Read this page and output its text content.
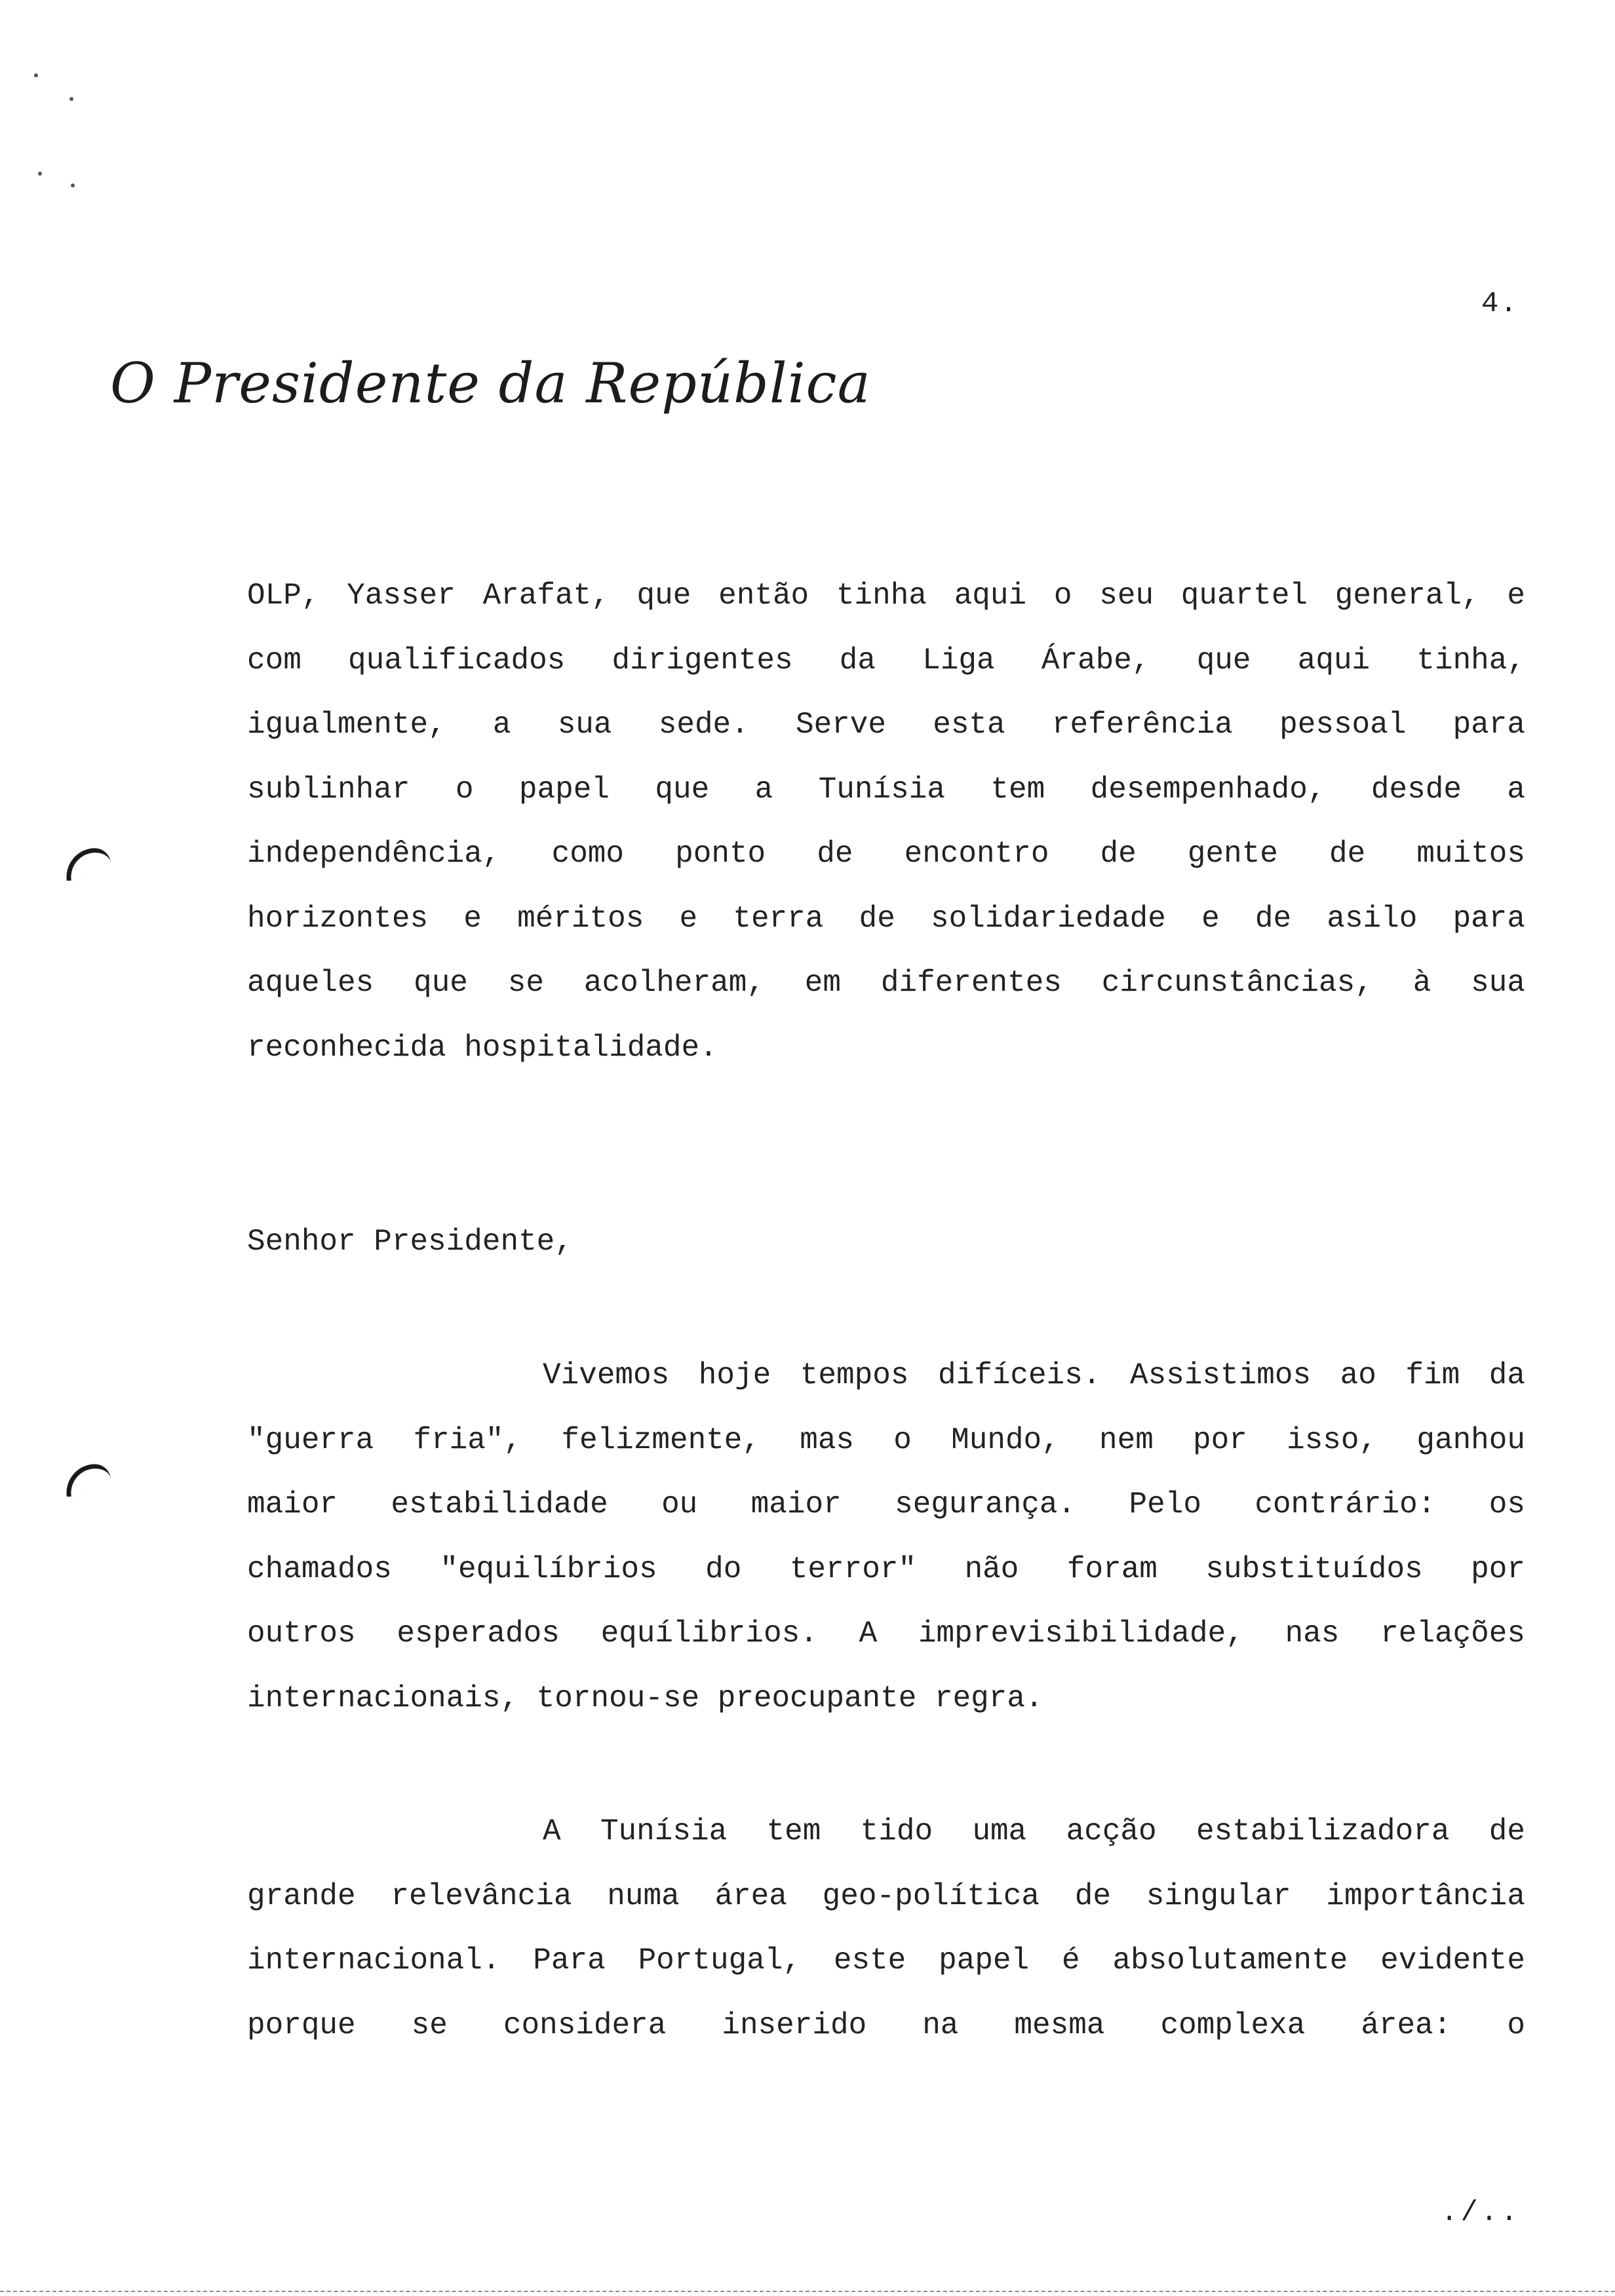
4.
O Presidente da República

OLP, Yasser Arafat, que então tinha aqui o seu quartel general, e

com qualificados dirigentes da Liga Árabe, que aqui tinha,

igualmente, a sua sede. Serve esta referência pessoal para

sublinhar o papel que a Tunísia tem desempenhado, desde a

independência, como ponto de encontro de gente de muitos

horizontes e méritos e terra de solidariedade e de asilo para

aqueles que se acolheram, em diferentes circunstâncias, à sua

reconhecida hospitalidade.

Senhor Presidente,

Vivemos hoje tempos difíceis. Assistimos ao fim da

"guerra fria", felizmente, mas o Mundo, nem por isso, ganhou

maior estabilidade ou maior segurança. Pelo contrário: os

chamados "equilíbrios do terror" não foram substituídos por

outros esperados equílibrios. A imprevisibilidade, nas relações

internacionais, tornou-se preocupante regra.

A Tunísia tem tido uma acção estabilizadora de

grande relevância numa área geo-política de singular importância

internacional. Para Portugal, este papel é absolutamente evidente

porque se considera inserido na mesma complexa área: o

./..
